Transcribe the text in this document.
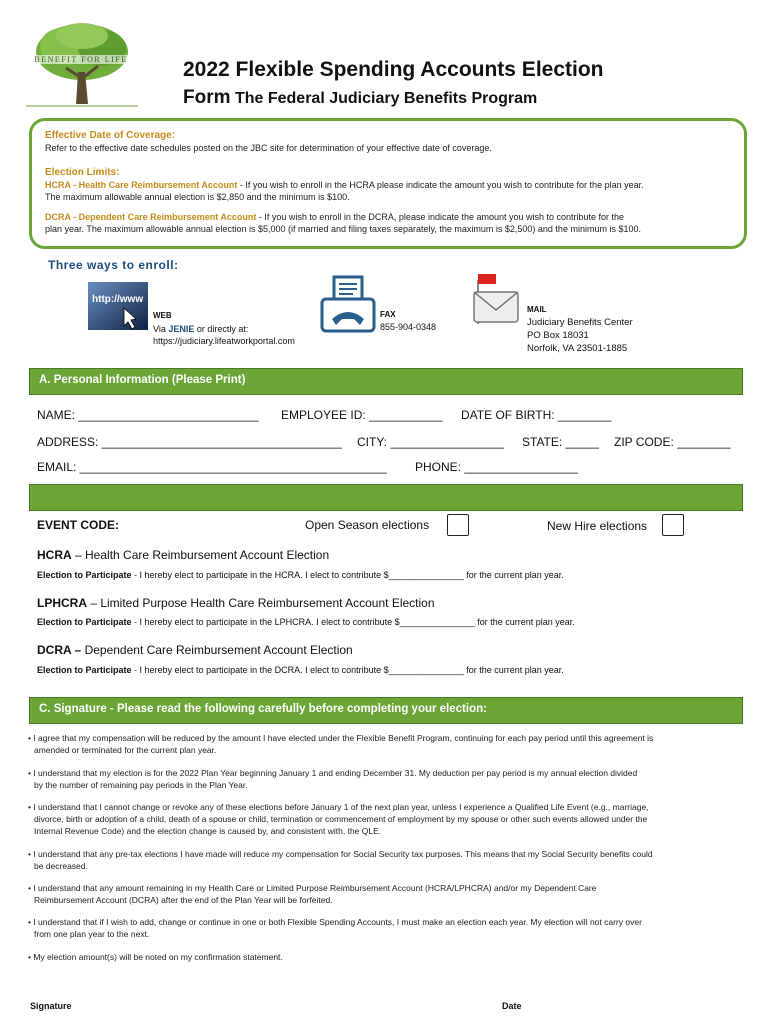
BENEFIT FOR LIFE	2022 Flexible Spending Accounts Election
Form The Federal Judiciary Benefits Program
Effective Date of Coverage:
Refer to the effective date schedules posted on the JBC site for determination of your effective date of coverage.
Election Limits:
HCRA - Health Care Reimbursement Account - If you wish to enroll in the HCRA please indicate the amount you wish to contribute for the plan year.
The maximum allowable annual election is $2,850 and the minimum is $100.
DCRA - Dependent Care Reimbursement Account - If you wish to enroll in the DCRA, please indicate the amount you wish to contribute for the
plan year. The maximum allowable annual election is $5,000 (if married and filing taxes separately, the maximum is $2,500) and the minimum is $100.
Three ways to enroll:
http://www
WEB
Via JENIE or directly at:
https://judiciary.lifeatworkportal.com
FAX
855-904-0348
MAIL
Judiciary Benefits Center
PO Box 18031
Norfolk, VA 23501-1885
A. Personal Information (Please Print)
NAME: ___________________________ EMPLOYEE ID: ___________ DATE OF BIRTH: ________
ADDRESS: ____________________________________ CITY: _________________ STATE: _____ ZIP CODE: ________
EMAIL: ______________________________________________ PHONE: _________________
EVENT CODE:	Open Season elections	New Hire elections
HCRA – Health Care Reimbursement Account Election
Election to Participate - I hereby elect to participate in the HCRA. I elect to contribute $_______________ for the current plan year.
LPHCRA – Limited Purpose Health Care Reimbursement Account Election
Election to Participate - I hereby elect to participate in the LPHCRA. I elect to contribute $_______________ for the current plan year.
DCRA – Dependent Care Reimbursement Account Election
Election to Participate - I hereby elect to participate in the DCRA. I elect to contribute $_______________ for the current plan year.
C. Signature - Please read the following carefully before completing your election:
• I agree that my compensation will be reduced by the amount I have elected under the Flexible Benefit Program, continuing for each pay period until this agreement is
amended or terminated for the current plan year.
• I understand that my election is for the 2022 Plan Year beginning January 1 and ending December 31. My deduction per pay period is my annual election divided
by the number of remaining pay periods in the Plan Year.
• I understand that I cannot change or revoke any of these elections before January 1 of the next plan year, unless I experience a Qualified Life Event (e.g., marriage,
divorce, birth or adoption of a child, death of a spouse or child, termination or commencement of employment by my spouse or other such events allowed under the
Internal Revenue Code) and the election change is caused by, and consistent with, the QLE.
• I understand that any pre-tax elections I have made will reduce my compensation for Social Security tax purposes. This means that my Social Security benefits could
be decreased.
• I understand that any amount remaining in my Health Care or Limited Purpose Reimbursement Account (HCRA/LPHCRA) and/or my Dependent Care
Reimbursement Account (DCRA) after the end of the Plan Year will be forfeited.
• I understand that if I wish to add, change or continue in one or both Flexible Spending Accounts, I must make an election each year. My election will not carry over
from one plan year to the next.
• My election amount(s) will be noted on my confirmation statement.
Signature	Date
